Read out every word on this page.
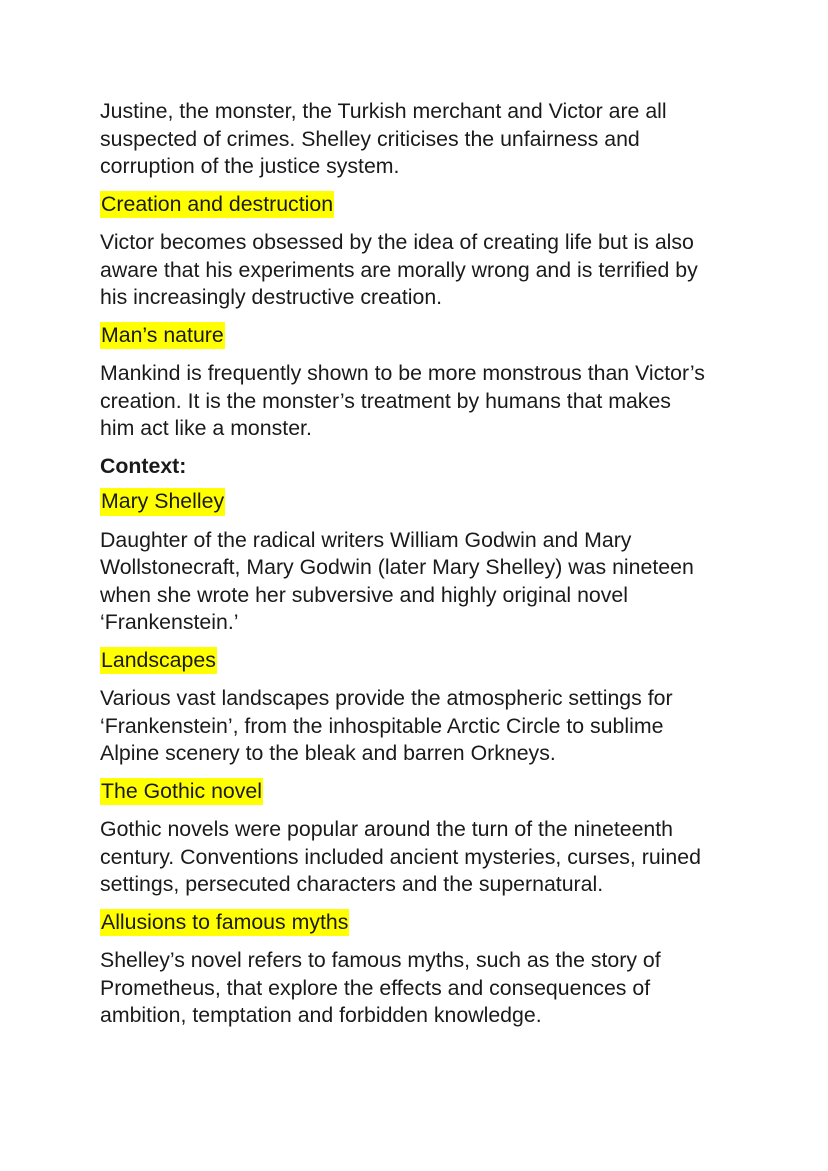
Justine, the monster, the Turkish merchant and Victor are all suspected of crimes. Shelley criticises the unfairness and corruption of the justice system.

Creation and destruction

Victor becomes obsessed by the idea of creating life but is also aware that his experiments are morally wrong and is terrified by his increasingly destructive creation.

Man’s nature

Mankind is frequently shown to be more monstrous than Victor’s creation. It is the monster’s treatment by humans that makes him act like a monster.

Context:

Mary Shelley

Daughter of the radical writers William Godwin and Mary Wollstonecraft, Mary Godwin (later Mary Shelley) was nineteen when she wrote her subversive and highly original novel ‘Frankenstein.’

Landscapes

Various vast landscapes provide the atmospheric settings for ‘Frankenstein’, from the inhospitable Arctic Circle to sublime Alpine scenery to the bleak and barren Orkneys.

The Gothic novel

Gothic novels were popular around the turn of the nineteenth century. Conventions included ancient mysteries, curses, ruined settings, persecuted characters and the supernatural.

Allusions to famous myths

Shelley’s novel refers to famous myths, such as the story of Prometheus, that explore the effects and consequences of ambition, temptation and forbidden knowledge.
